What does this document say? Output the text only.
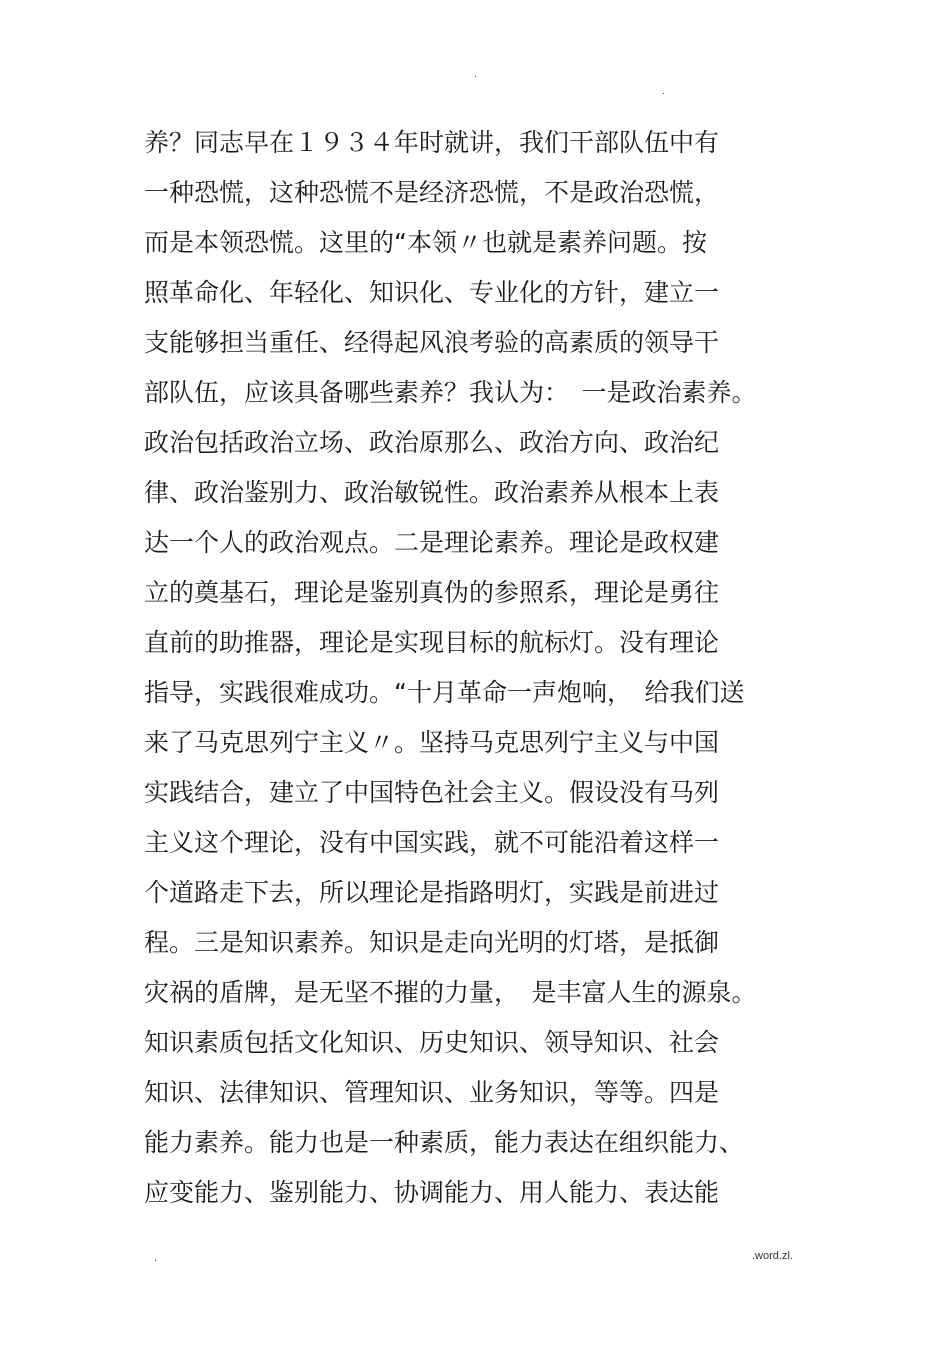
.
.
养？同志早在１９３４年时就讲，我们干部队伍中有
一种恐慌，这种恐慌不是经济恐慌，不是政治恐慌，
而是本领恐慌。这里的“本领〃也就是素养问题。按
照革命化、年轻化、知识化、专业化的方针，建立一
支能够担当重任、经得起风浪考验的高素质的领导干
部队伍，应该具备哪些素养？我认为：　一是政治素养。
政治包括政治立场、政治原那么、政治方向、政治纪
律、政治鉴别力、政治敏锐性。政治素养从根本上表
达一个人的政治观点。二是理论素养。理论是政权建
立的奠基石，理论是鉴别真伪的参照系，理论是勇往
直前的助推器，理论是实现目标的航标灯。没有理论
指导，实践很难成功。“十月革命一声炮响，　给我们送
来了马克思列宁主义〃。坚持马克思列宁主义与中国
实践结合，建立了中国特色社会主义。假设没有马列
主义这个理论，没有中国实践，就不可能沿着这样一
个道路走下去，所以理论是指路明灯，实践是前进过
程。三是知识素养。知识是走向光明的灯塔，是抵御
灾祸的盾牌，是无坚不摧的力量，　是丰富人生的源泉。
知识素质包括文化知识、历史知识、领导知识、社会
知识、法律知识、管理知识、业务知识，等等。四是
能力素养。能力也是一种素质，能力表达在组织能力、
应变能力、鉴别能力、协调能力、用人能力、表达能
.	.word.zl.
